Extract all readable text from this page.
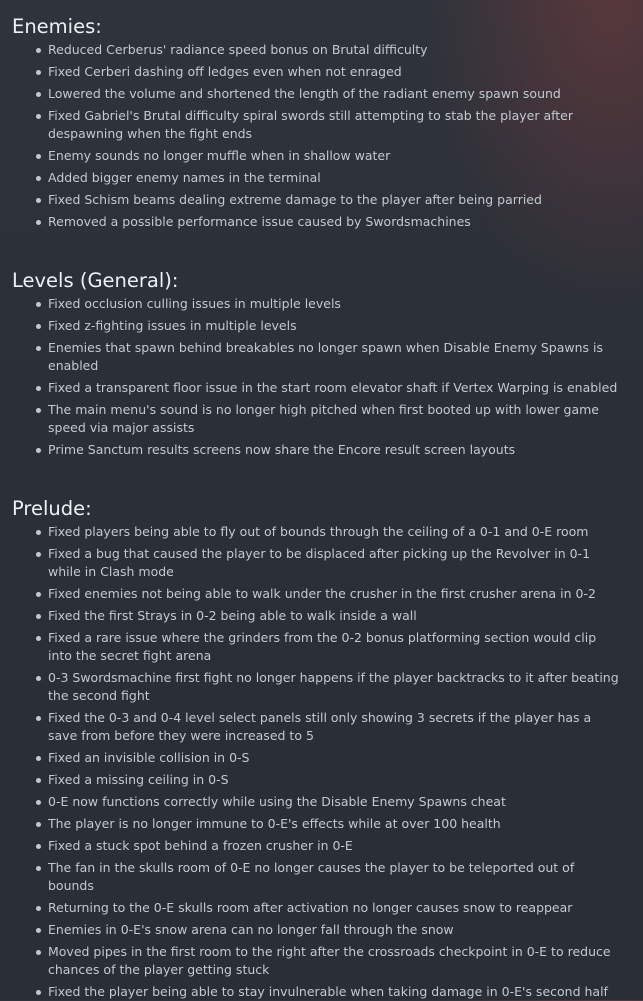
Enemies:
Reduced Cerberus' radiance speed bonus on Brutal difficulty
Fixed Cerberi dashing off ledges even when not enraged
Lowered the volume and shortened the length of the radiant enemy spawn sound
Fixed Gabriel's Brutal difficulty spiral swords still attempting to stab the player after despawning when the fight ends
Enemy sounds no longer muffle when in shallow water
Added bigger enemy names in the terminal
Fixed Schism beams dealing extreme damage to the player after being parried
Removed a possible performance issue caused by Swordsmachines
Levels (General):
Fixed occlusion culling issues in multiple levels
Fixed z-fighting issues in multiple levels
Enemies that spawn behind breakables no longer spawn when Disable Enemy Spawns is enabled
Fixed a transparent floor issue in the start room elevator shaft if Vertex Warping is enabled
The main menu's sound is no longer high pitched when first booted up with lower game speed via major assists
Prime Sanctum results screens now share the Encore result screen layouts
Prelude:
Fixed players being able to fly out of bounds through the ceiling of a 0-1 and 0-E room
Fixed a bug that caused the player to be displaced after picking up the Revolver in 0-1 while in Clash mode
Fixed enemies not being able to walk under the crusher in the first crusher arena in 0-2
Fixed the first Strays in 0-2 being able to walk inside a wall
Fixed a rare issue where the grinders from the 0-2 bonus platforming section would clip into the secret fight arena
0-3 Swordsmachine first fight no longer happens if the player backtracks to it after beating the second fight
Fixed the 0-3 and 0-4 level select panels still only showing 3 secrets if the player has a save from before they were increased to 5
Fixed an invisible collision in 0-S
Fixed a missing ceiling in 0-S
0-E now functions correctly while using the Disable Enemy Spawns cheat
The player is no longer immune to 0-E's effects while at over 100 health
Fixed a stuck spot behind a frozen crusher in 0-E
The fan in the skulls room of 0-E no longer causes the player to be teleported out of bounds
Returning to the 0-E skulls room after activation no longer causes snow to reappear
Enemies in 0-E's snow arena can no longer fall through the snow
Moved pipes in the first room to the right after the crossroads checkpoint in 0-E to reduce chances of the player getting stuck
Fixed the player being able to stay invulnerable when taking damage in 0-E's second half
